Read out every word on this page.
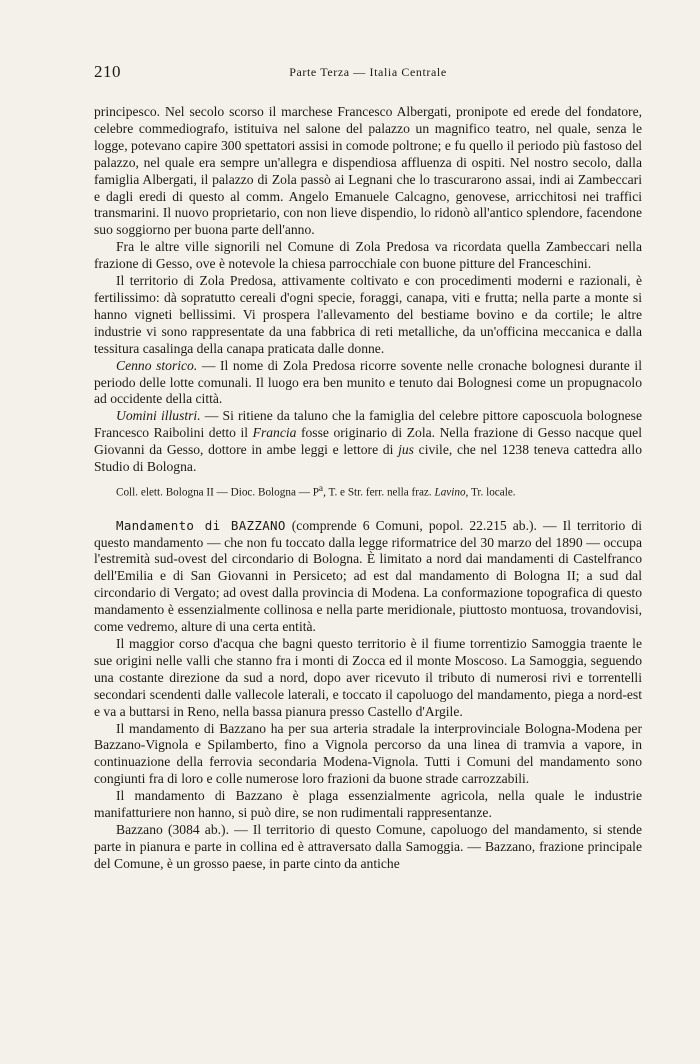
210	Parte Terza — Italia Centrale

principesco. Nel secolo scorso il marchese Francesco Albergati, pronipote ed erede del fondatore, celebre commediografo, istituiva nel salone del palazzo un magnifico teatro, nel quale, senza le logge, potevano capire 300 spettatori assisi in comode poltrone; e fu quello il periodo più fastoso del palazzo, nel quale era sempre un'allegra e dispendiosa affluenza di ospiti. Nel nostro secolo, dalla famiglia Albergati, il palazzo di Zola passò ai Legnani che lo trascurarono assai, indi ai Zambeccari e dagli eredi di questo al comm. Angelo Emanuele Calcagno, genovese, arricchitosi nei traffici transmarini. Il nuovo proprietario, con non lieve dispendio, lo ridonò all'antico splendore, facendone suo soggiorno per buona parte dell'anno.

Fra le altre ville signorili nel Comune di Zola Predosa va ricordata quella Zambeccari nella frazione di Gesso, ove è notevole la chiesa parrocchiale con buone pitture del Franceschini.

Il territorio di Zola Predosa, attivamente coltivato e con procedimenti moderni e razionali, è fertilissimo: dà sopratutto cereali d'ogni specie, foraggi, canapa, viti e frutta; nella parte a monte si hanno vigneti bellissimi. Vi prospera l'allevamento del bestiame bovino e da cortile; le altre industrie vi sono rappresentate da una fabbrica di reti metalliche, da un'officina meccanica e dalla tessitura casalinga della canapa praticata dalle donne.

Cenno storico. — Il nome di Zola Predosa ricorre sovente nelle cronache bolognesi durante il periodo delle lotte comunali. Il luogo era ben munito e tenuto dai Bolognesi come un propugnacolo ad occidente della città.

Uomini illustri. — Si ritiene da taluno che la famiglia del celebre pittore caposcuola bolognese Francesco Raibolini detto il Francia fosse originario di Zola. Nella frazione di Gesso nacque quel Giovanni da Gesso, dottore in ambe leggi e lettore di jus civile, che nel 1238 teneva cattedra allo Studio di Bologna.

Coll. elett. Bologna II — Dioc. Bologna — $P^a$, T. e Str. ferr. nella fraz. Lavino, Tr. locale.

Mandamento di BAZZANO (comprende 6 Comuni, popol. 22.215 ab.). — Il territorio di questo mandamento — che non fu toccato dalla legge riformatrice del 30 marzo del 1890 — occupa l'estremità sud-ovest del circondario di Bologna. È limitato a nord dai mandamenti di Castelfranco dell'Emilia e di San Giovanni in Persiceto; ad est dal mandamento di Bologna II; a sud dal circondario di Vergato; ad ovest dalla provincia di Modena. La conformazione topografica di questo mandamento è essenzialmente collinosa e nella parte meridionale, piuttosto montuosa, trovandovisi, come vedremo, alture di una certa entità.

Il maggior corso d'acqua che bagni questo territorio è il fiume torrentizio Samoggia traente le sue origini nelle valli che stanno fra i monti di Zocca ed il monte Moscoso. La Samoggia, seguendo una costante direzione da sud a nord, dopo aver ricevuto il tributo di numerosi rivi e torrentelli secondari scendenti dalle vallecole laterali, e toccato il capoluogo del mandamento, piega a nord-est e va a buttarsi in Reno, nella bassa pianura presso Castello d'Argile.

Il mandamento di Bazzano ha per sua arteria stradale la interprovinciale Bologna-Modena per Bazzano-Vignola e Spilamberto, fino a Vignola percorso da una linea di tramvia a vapore, in continuazione della ferrovia secondaria Modena-Vignola. Tutti i Comuni del mandamento sono congiunti fra di loro e colle numerose loro frazioni da buone strade carrozzabili.

Il mandamento di Bazzano è plaga essenzialmente agricola, nella quale le industrie manifatturiere non hanno, si può dire, se non rudimentali rappresentanze.

Bazzano (3084 ab.). — Il territorio di questo Comune, capoluogo del mandamento, si stende parte in pianura e parte in collina ed è attraversato dalla Samoggia. — Bazzano, frazione principale del Comune, è un grosso paese, in parte cinto da antiche
